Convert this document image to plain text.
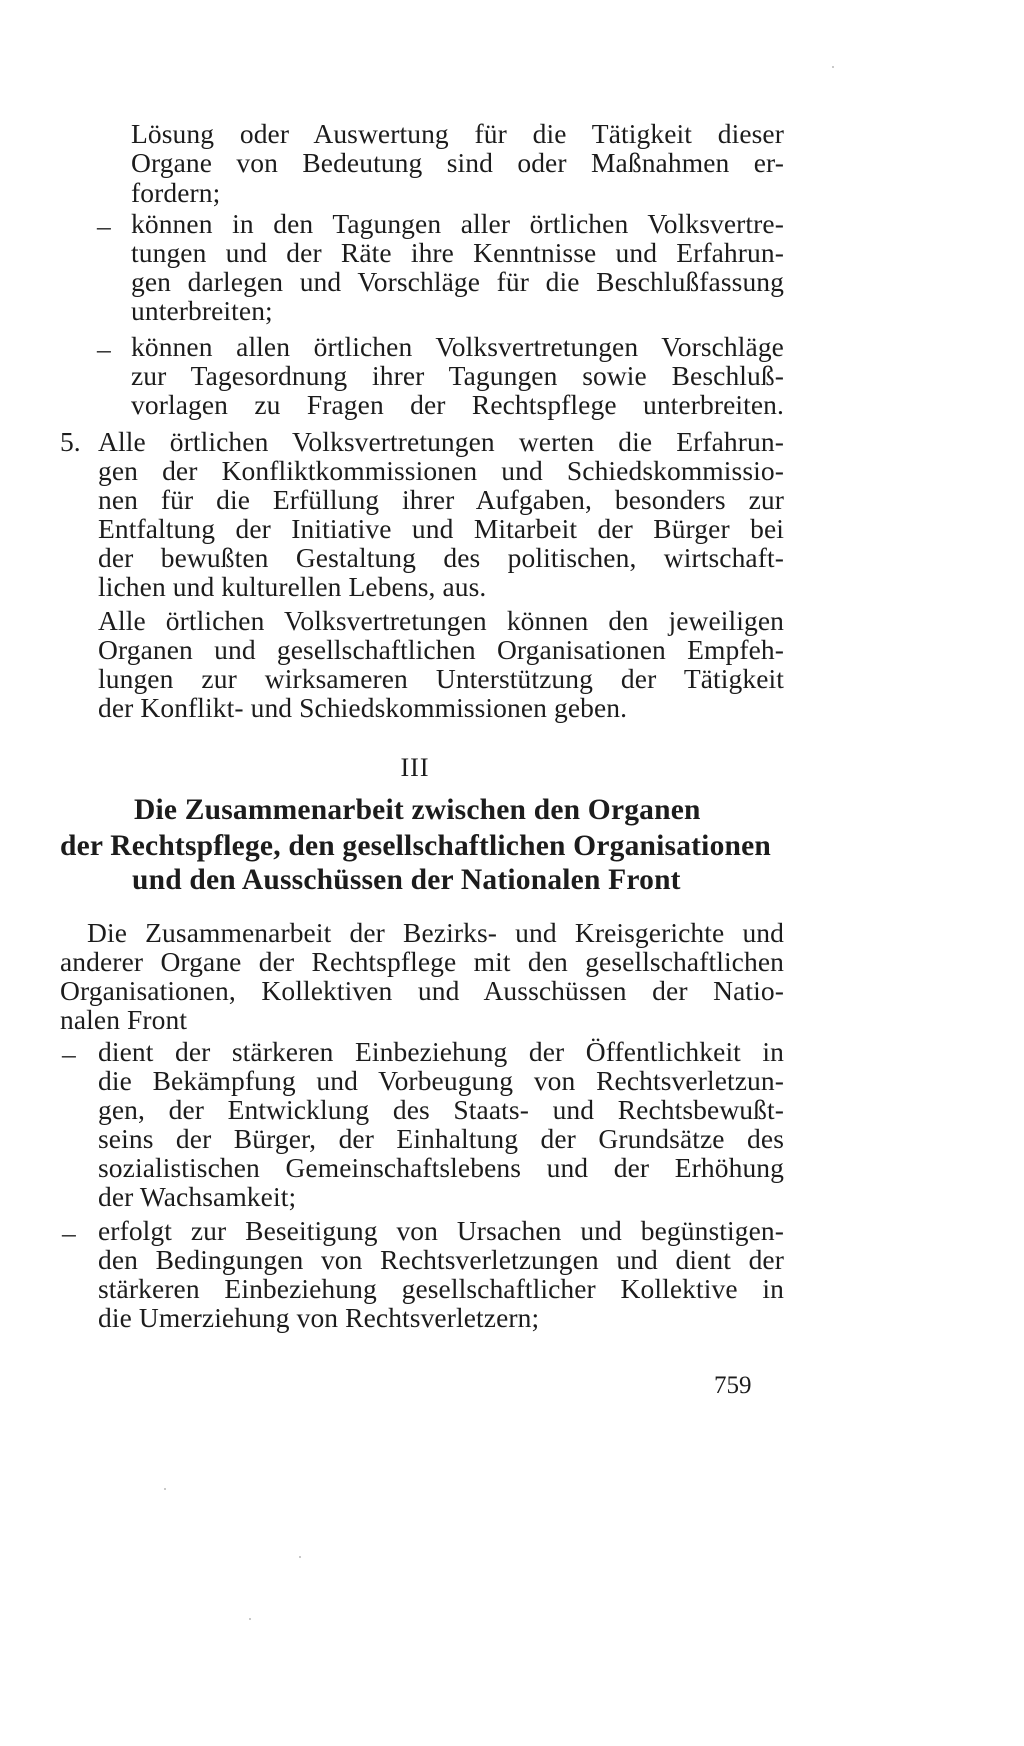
Lösung oder Auswertung für die Tätigkeit dieser
Organe von Bedeutung sind oder Maßnahmen er-
fordern;
– können in den Tagungen aller örtlichen Volksvertre-
tungen und der Räte ihre Kenntnisse und Erfahrun-
gen darlegen und Vorschläge für die Beschlußfassung
unterbreiten;
– können allen örtlichen Volksvertretungen Vorschläge
zur Tagesordnung ihrer Tagungen sowie Beschluß-
vorlagen zu Fragen der Rechtspflege unterbreiten.
5. Alle örtlichen Volksvertretungen werten die Erfahrun-
gen der Konfliktkommissionen und Schiedskommissio-
nen für die Erfüllung ihrer Aufgaben, besonders zur
Entfaltung der Initiative und Mitarbeit der Bürger bei
der bewußten Gestaltung des politischen, wirtschaft-
lichen und kulturellen Lebens, aus.
Alle örtlichen Volksvertretungen können den jeweiligen
Organen und gesellschaftlichen Organisationen Empfeh-
lungen zur wirksameren Unterstützung der Tätigkeit
der Konflikt- und Schiedskommissionen geben.
III
Die Zusammenarbeit zwischen den Organen
der Rechtspflege, den gesellschaftlichen Organisationen
und den Ausschüssen der Nationalen Front
Die Zusammenarbeit der Bezirks- und Kreisgerichte und
anderer Organe der Rechtspflege mit den gesellschaftlichen
Organisationen, Kollektiven und Ausschüssen der Natio-
nalen Front
– dient der stärkeren Einbeziehung der Öffentlichkeit in
die Bekämpfung und Vorbeugung von Rechtsverletzun-
gen, der Entwicklung des Staats- und Rechtsbewußt-
seins der Bürger, der Einhaltung der Grundsätze des
sozialistischen Gemeinschaftslebens und der Erhöhung
der Wachsamkeit;
– erfolgt zur Beseitigung von Ursachen und begünstigen-
den Bedingungen von Rechtsverletzungen und dient der
stärkeren Einbeziehung gesellschaftlicher Kollektive in
die Umerziehung von Rechtsverletzern;
759
